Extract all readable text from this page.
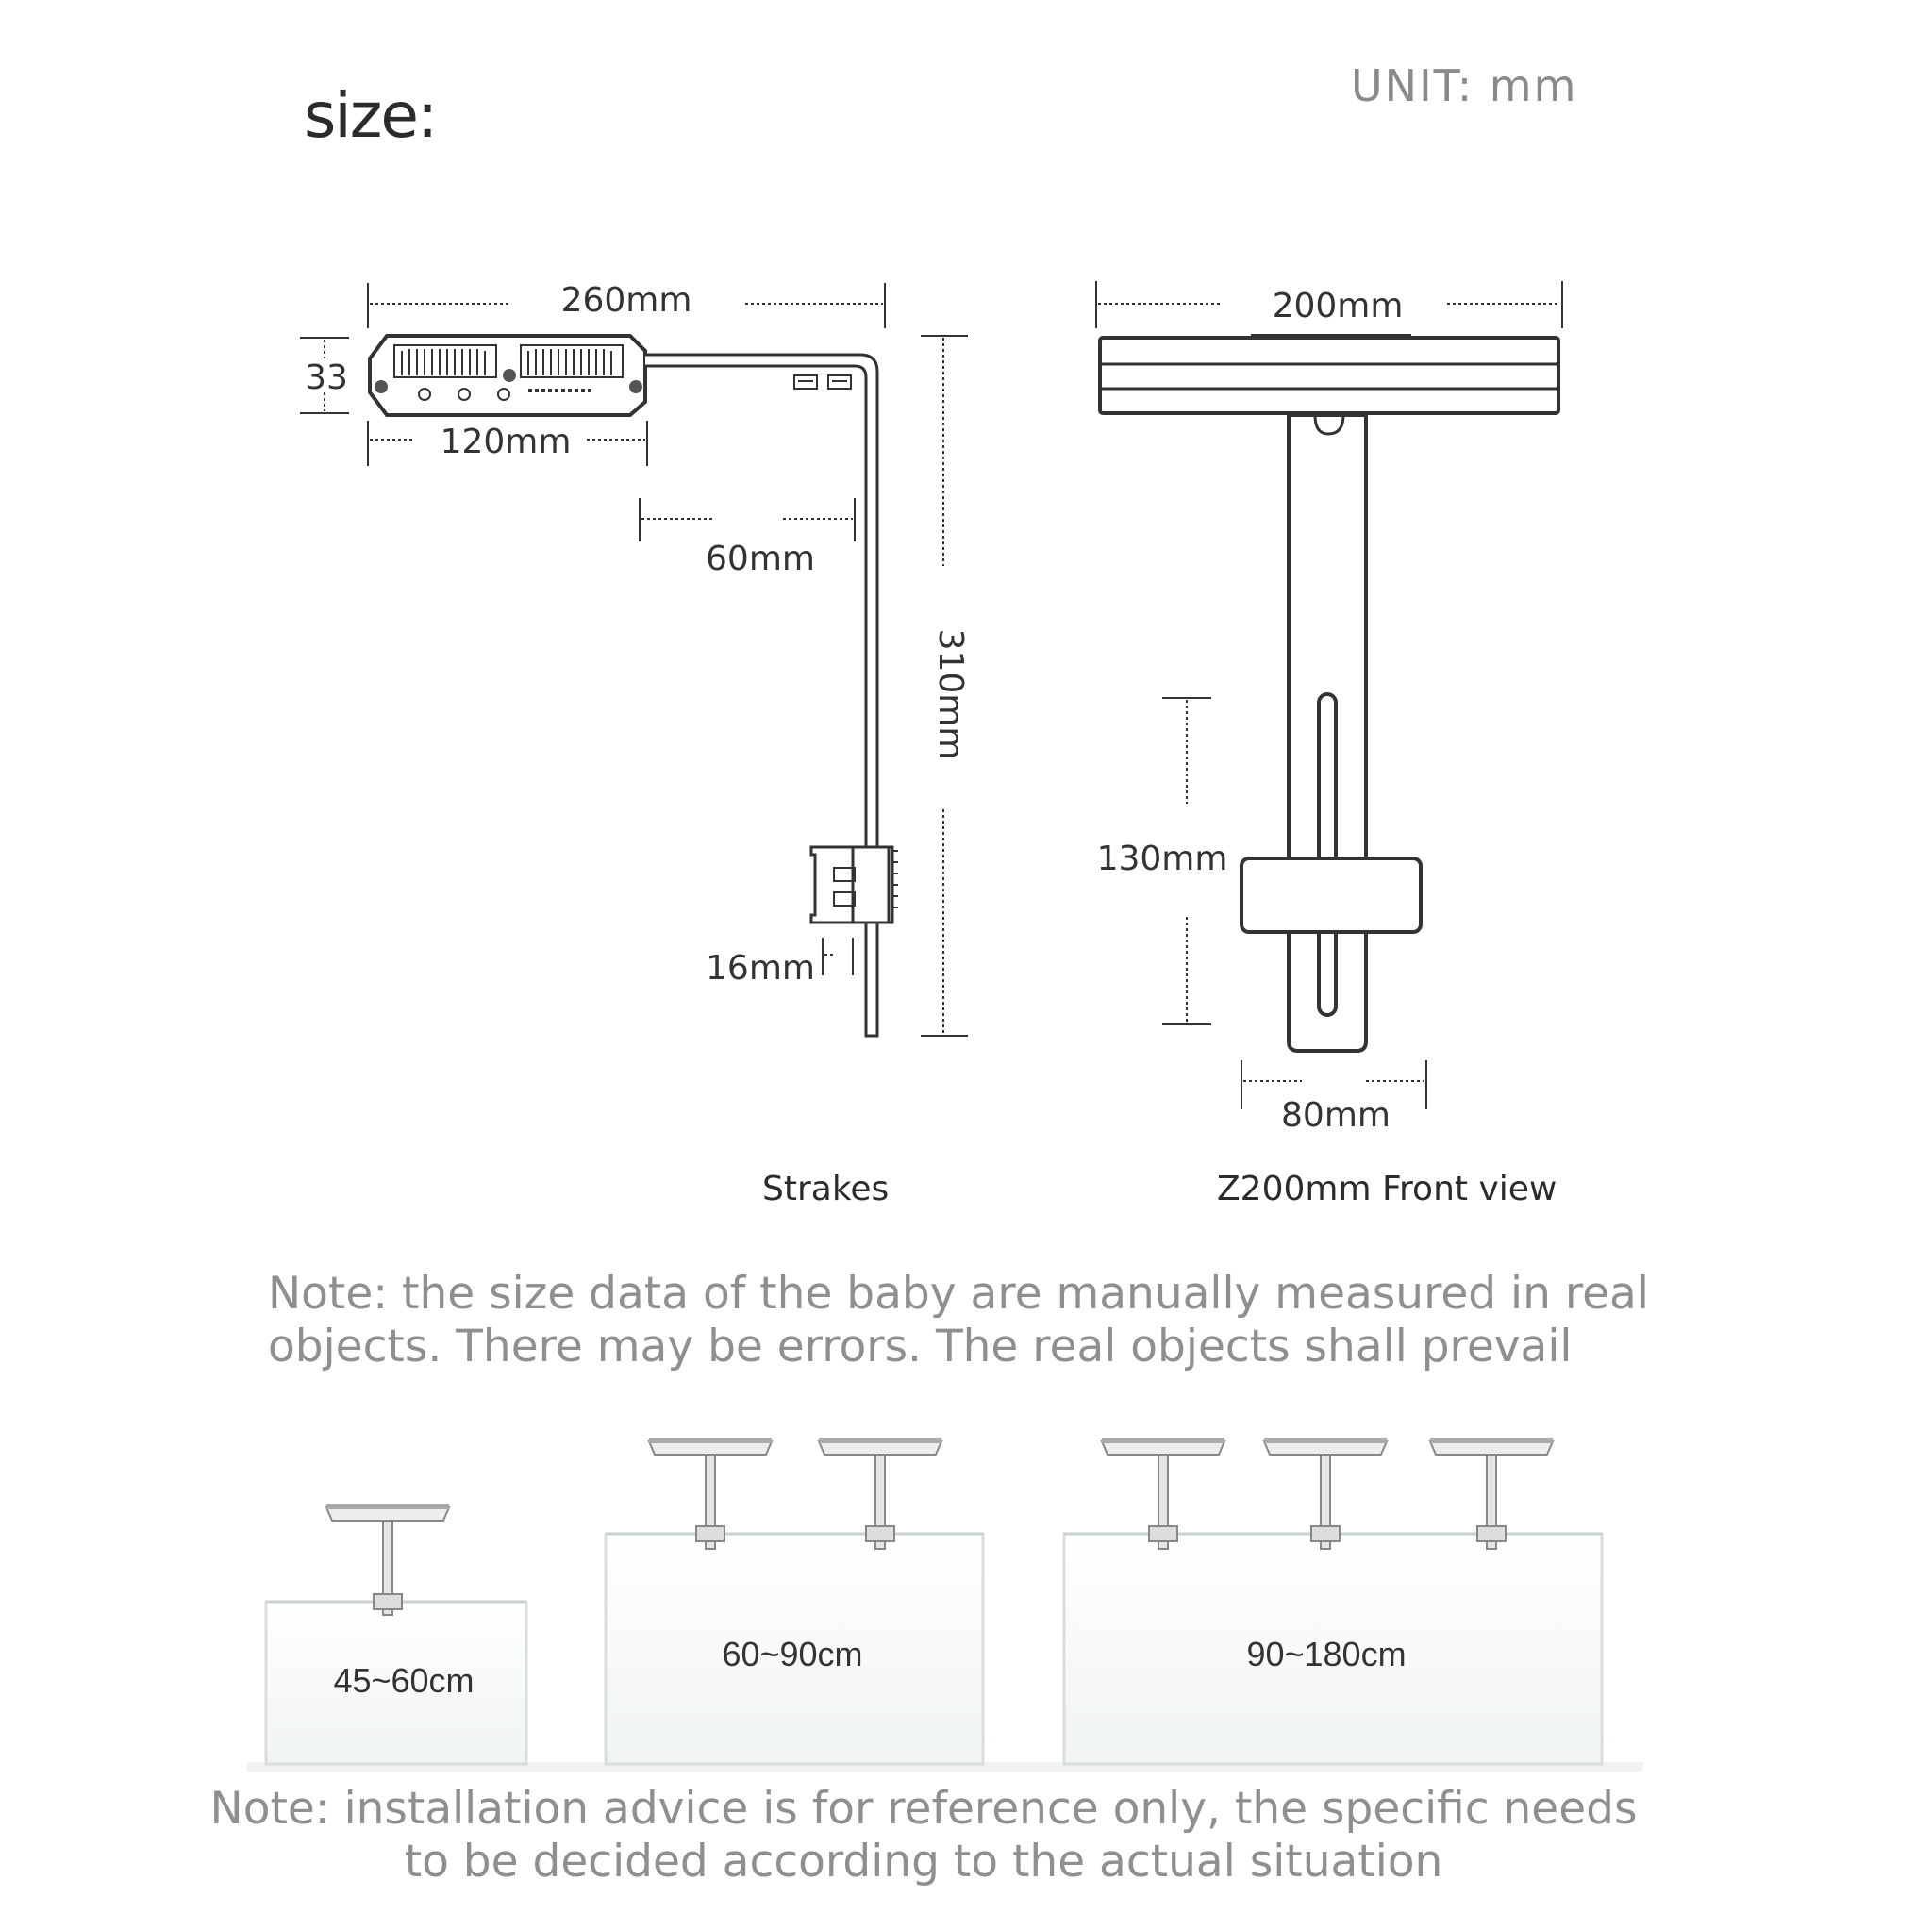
size:	UNIT: mm
260mm
33
120mm
60mm
310mm
16mm
200mm
130mm
80mm
45~60cm
60~90cm	90~180cm
Strakes	Z200mm Front view
Note: the size data of the baby are manually measured in real
objects. There may be errors. The real objects shall prevail
Note: installation advice is for reference only, the specific needs
to be decided according to the actual situation
